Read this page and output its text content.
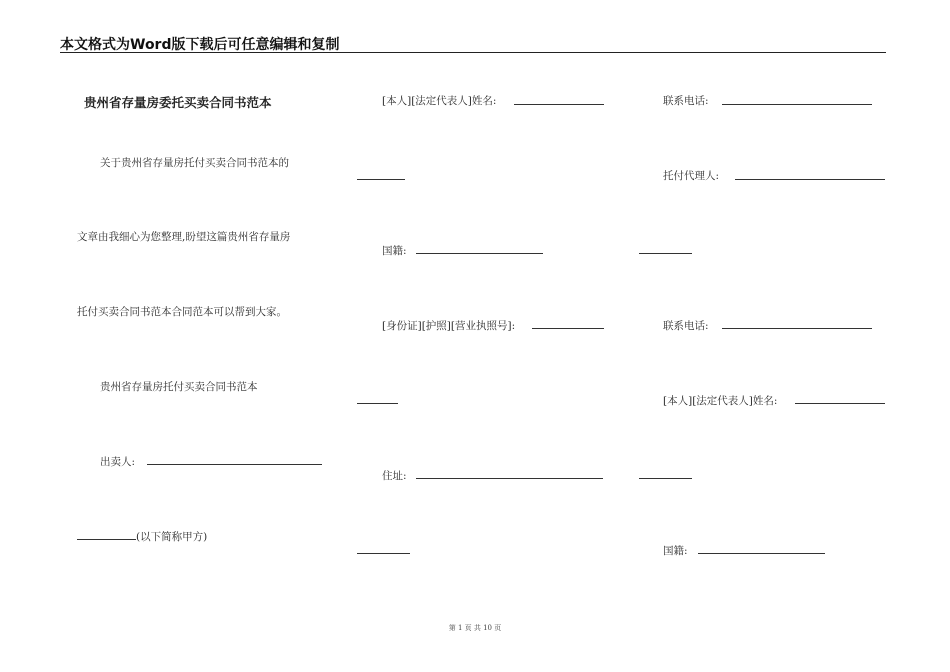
本文格式为Word版下载后可任意编辑和复制
贵州省存量房委托买卖合同书范本
关于贵州省存量房托付买卖合同书范本的
文章由我细心为您整理,盼望这篇贵州省存量房
托付买卖合同书范本合同范本可以帮到大家。
贵州省存量房托付买卖合同书范本
出卖人:
(以下简称甲方)
[本人][法定代表人]姓名:
国籍:
[身份证][护照][营业执照号]:
住址:
联系电话:
托付代理人:
联系电话:
[本人][法定代表人]姓名:
国籍:
第 1 页 共 10 页
